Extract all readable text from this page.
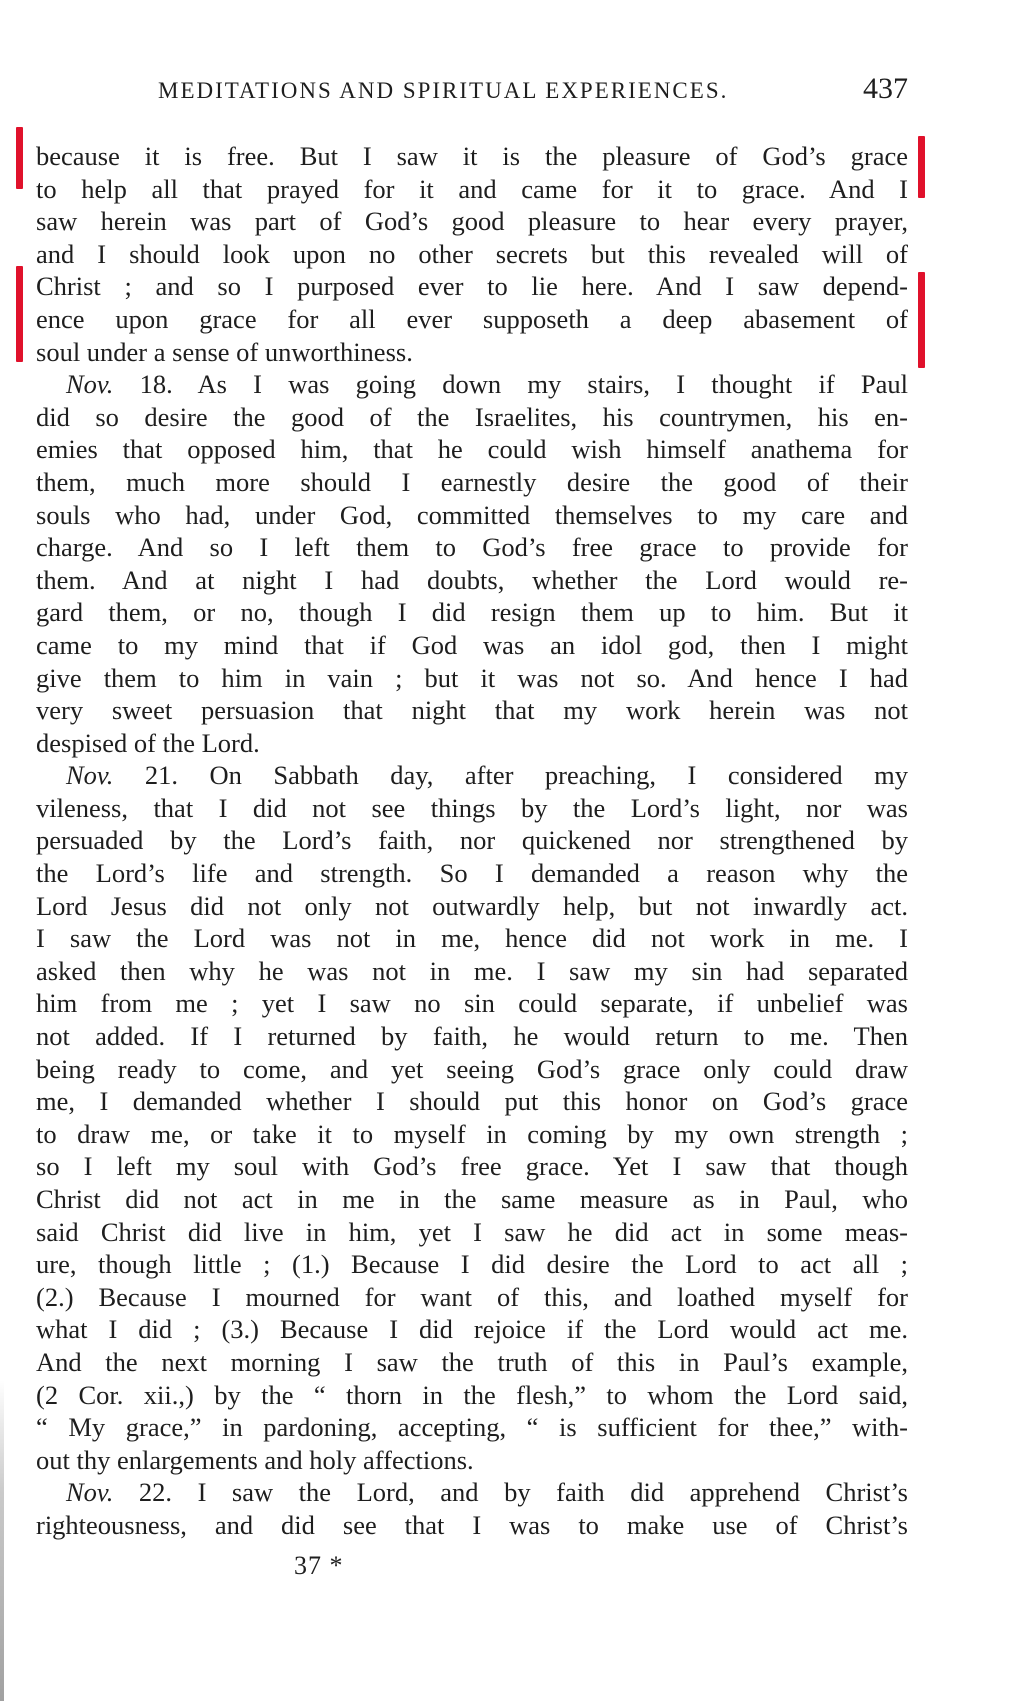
MEDITATIONS AND SPIRITUAL EXPERIENCES.	437
because it is free. But I saw it is the pleasure of God’s grace
to help all that prayed for it and came for it to grace. And I
saw herein was part of God’s good pleasure to hear every prayer,
and I should look upon no other secrets but this revealed will of
Christ ; and so I purposed ever to lie here. And I saw depend-
ence upon grace for all ever supposeth a deep abasement of
soul under a sense of unworthiness.
Nov. 18. As I was going down my stairs, I thought if Paul
did so desire the good of the Israelites, his countrymen, his en-
emies that opposed him, that he could wish himself anathema for
them, much more should I earnestly desire the good of their
souls who had, under God, committed themselves to my care and
charge. And so I left them to God’s free grace to provide for
them. And at night I had doubts, whether the Lord would re-
gard them, or no, though I did resign them up to him. But it
came to my mind that if God was an idol god, then I might
give them to him in vain ; but it was not so. And hence I had
very sweet persuasion that night that my work herein was not
despised of the Lord.
Nov. 21. On Sabbath day, after preaching, I considered my
vileness, that I did not see things by the Lord’s light, nor was
persuaded by the Lord’s faith, nor quickened nor strengthened by
the Lord’s life and strength. So I demanded a reason why the
Lord Jesus did not only not outwardly help, but not inwardly act.
I saw the Lord was not in me, hence did not work in me. I
asked then why he was not in me. I saw my sin had separated
him from me ; yet I saw no sin could separate, if unbelief was
not added. If I returned by faith, he would return to me. Then
being ready to come, and yet seeing God’s grace only could draw
me, I demanded whether I should put this honor on God’s grace
to draw me, or take it to myself in coming by my own strength ;
so I left my soul with God’s free grace. Yet I saw that though
Christ did not act in me in the same measure as in Paul, who
said Christ did live in him, yet I saw he did act in some meas-
ure, though little ; (1.) Because I did desire the Lord to act all ;
(2.) Because I mourned for want of this, and loathed myself for
what I did ; (3.) Because I did rejoice if the Lord would act me.
And the next morning I saw the truth of this in Paul’s example,
(2 Cor. xii.,) by the “ thorn in the flesh,” to whom the Lord said,
“ My grace,” in pardoning, accepting, “ is sufficient for thee,” with-
out thy enlargements and holy affections.
Nov. 22. I saw the Lord, and by faith did apprehend Christ’s
righteousness, and did see that I was to make use of Christ’s
37 *
